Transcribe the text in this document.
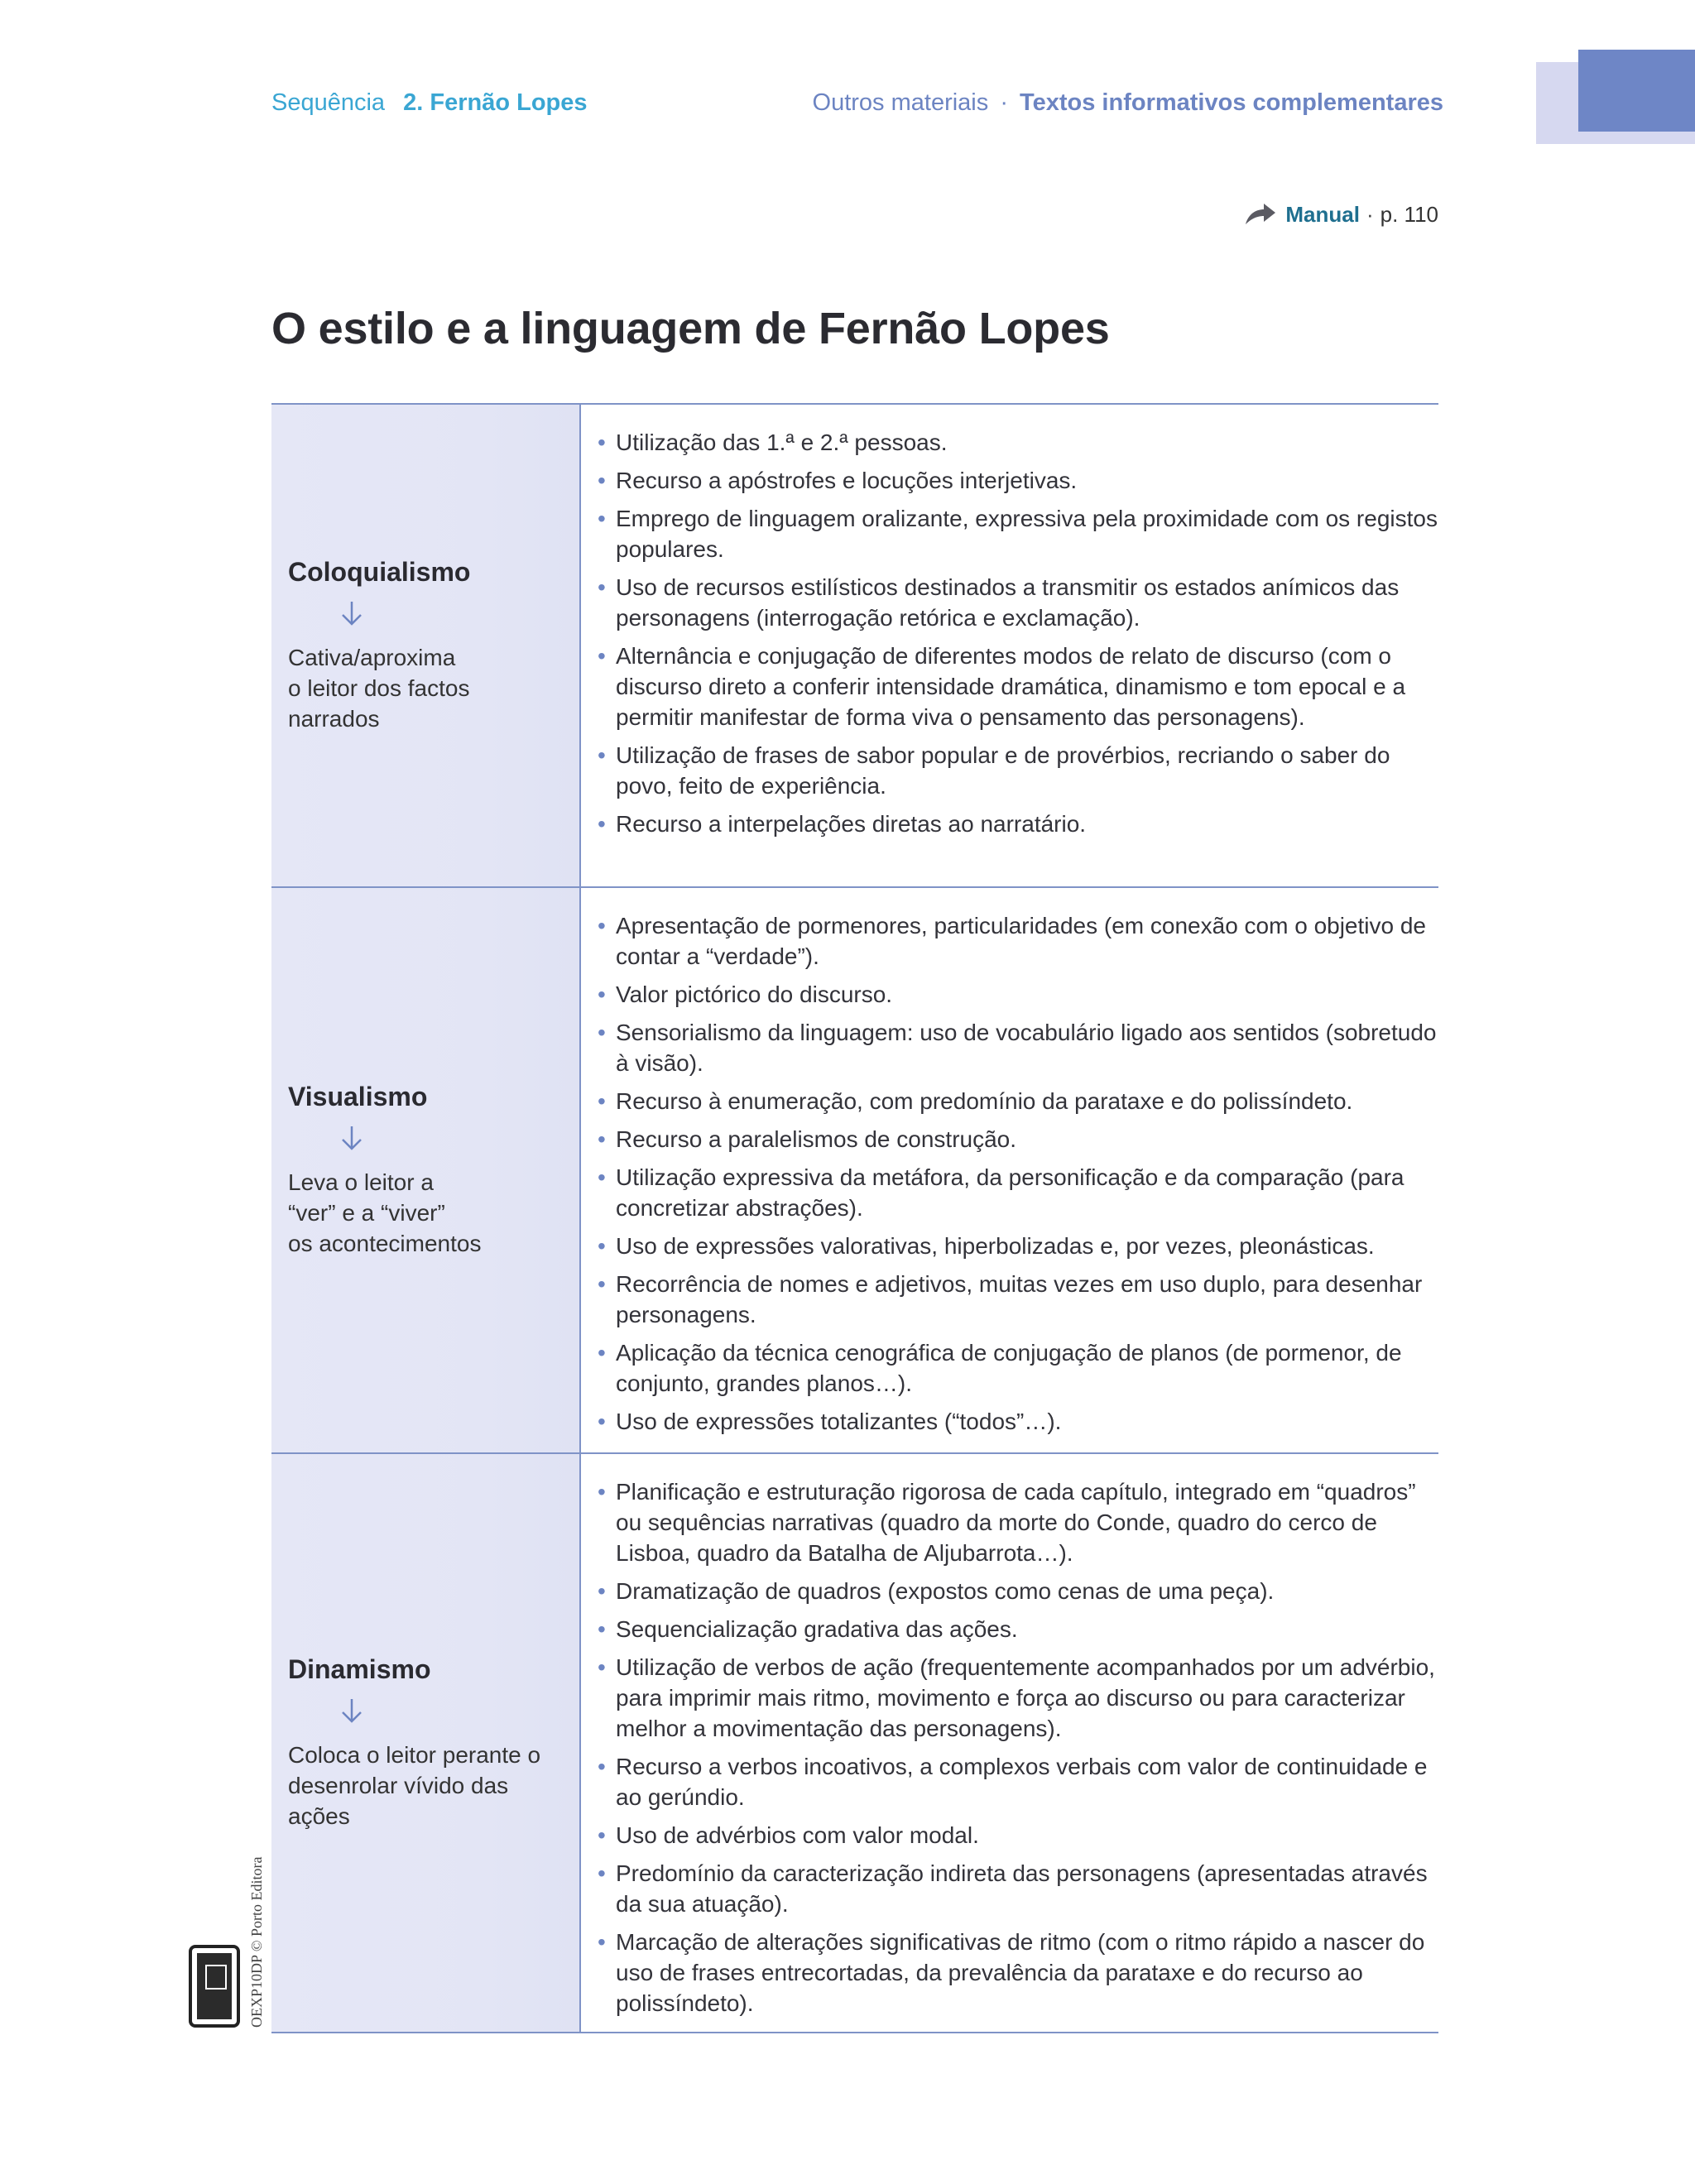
Sequência 2. Fernão Lopes	Outros materiais · Textos informativos complementares
Manual · p. 110
O estilo e a linguagem de Fernão Lopes
Coloquialismo
Cativa/aproxima
o leitor dos factos
narrados
• Utilização das 1.ª e 2.ª pessoas.
• Recurso a apóstrofes e locuções interjetivas.
• Emprego de linguagem oralizante, expressiva pela proximidade com os registos populares.
• Uso de recursos estilísticos destinados a transmitir os estados anímicos das personagens (interrogação retórica e exclamação).
• Alternância e conjugação de diferentes modos de relato de discurso (com o discurso direto a conferir intensidade dramática, dinamismo e tom epocal e a permitir manifestar de forma viva o pensamento das personagens).
• Utilização de frases de sabor popular e de provérbios, recriando o saber do povo, feito de experiência.
• Recurso a interpelações diretas ao narratário.
Visualismo
Leva o leitor a
“ver” e a “viver”
os acontecimentos
• Apresentação de pormenores, particularidades (em conexão com o objetivo de contar a “verdade”).
• Valor pictórico do discurso.
• Sensorialismo da linguagem: uso de vocabulário ligado aos sentidos (sobretudo à visão).
• Recurso à enumeração, com predomínio da parataxe e do polissíndeto.
• Recurso a paralelismos de construção.
• Utilização expressiva da metáfora, da personificação e da comparação (para concretizar abstrações).
• Uso de expressões valorativas, hiperbolizadas e, por vezes, pleonásticas.
• Recorrência de nomes e adjetivos, muitas vezes em uso duplo, para desenhar personagens.
• Aplicação da técnica cenográfica de conjugação de planos (de pormenor, de conjunto, grandes planos…).
• Uso de expressões totalizantes (“todos”…).
Dinamismo
Coloca o leitor perante o
desenrolar vívido das
ações
• Planificação e estruturação rigorosa de cada capítulo, integrado em “quadros” ou sequências narrativas (quadro da morte do Conde, quadro do cerco de Lisboa, quadro da Batalha de Aljubarrota…).
• Dramatização de quadros (expostos como cenas de uma peça).
• Sequencialização gradativa das ações.
• Utilização de verbos de ação (frequentemente acompanhados por um advérbio, para imprimir mais ritmo, movimento e força ao discurso ou para caracterizar melhor a movimentação das personagens).
• Recurso a verbos incoativos, a complexos verbais com valor de continuidade e ao gerúndio.
• Uso de advérbios com valor modal.
• Predomínio da caracterização indireta das personagens (apresentadas através da sua atuação).
• Marcação de alterações significativas de ritmo (com o ritmo rápido a nascer do uso de frases entrecortadas, da prevalência da parataxe e do recurso ao polissíndeto).
OEXP10DP © Porto Editora
